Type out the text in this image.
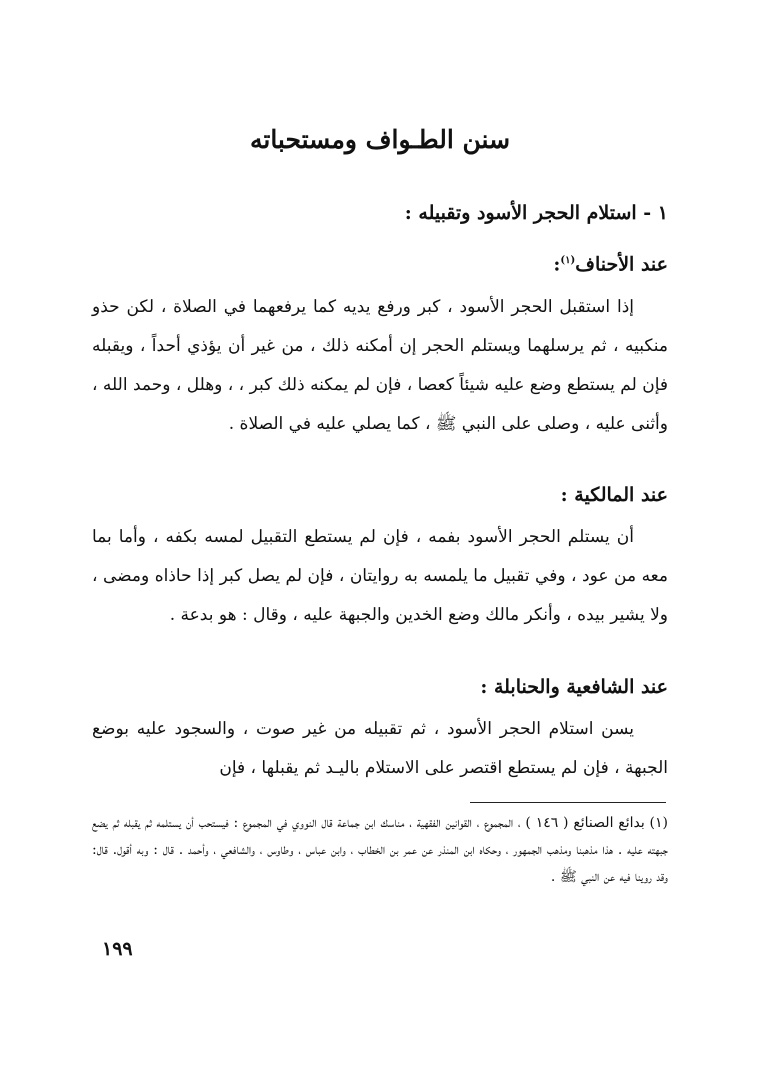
سنن الطـواف ومستحباته
١ - استلام الحجر الأسود وتقبيله :
عند الأحناف$^{(١)}$:
إذا استقبل الحجر الأسود ، كبر ورفع يديه كما يرفعهما في الصلاة ، لكن حذو منكبيه ، ثم يرسلهما ويستلم الحجر إن أمكنه ذلك ، من غير أن يؤذي أحداً ، ويقبله فإن لم يستطع وضع عليه شيئاً كعصا ، فإن لم يمكنه ذلك كبر ، ، وهلل ، وحمد الله ، وأثنى عليه ، وصلى على النبي ﷺ ، كما يصلي عليه في الصلاة .
عند المالكية :
أن يستلم الحجر الأسود بفمه ، فإن لم يستطع التقبيل لمسه بكفه ، وأما بما معه من عود ، وفي تقبيل ما يلمسه به روايتان ، فإن لم يصل كبر إذا حاذاه ومضى ، ولا يشير بيده ، وأنكر مالك وضع الخدين والجبهة عليه ، وقال : هو بدعة .
عند الشافعية والحنابلة :
يسن استلام الحجر الأسود ، ثم تقبيله من غير صوت ، والسجود عليه بوضع الجبهة ، فإن لم يستطع اقتصر على الاستلام باليـد ثم يقبلها ، فإن
(١) بدائع الصنائع ( ١٤٦ ) ، المجموع ، القوانين الفقهية ، مناسك ابن جماعة قال النووي في المجموع : فيستحب أن يستلمه ثم يقبله ثم يضع جبهته عليه . هذا مذهبنا ومذهب الجمهور ، وحكاه ابن المنذر عن عمر بن الخطاب ، وابن عباس ، وطاوس ، والشافعي ، وأحمد . قال : وبه أقول. قال: وقد روينا فيه عن النبي ﷺ .
١٩٩
